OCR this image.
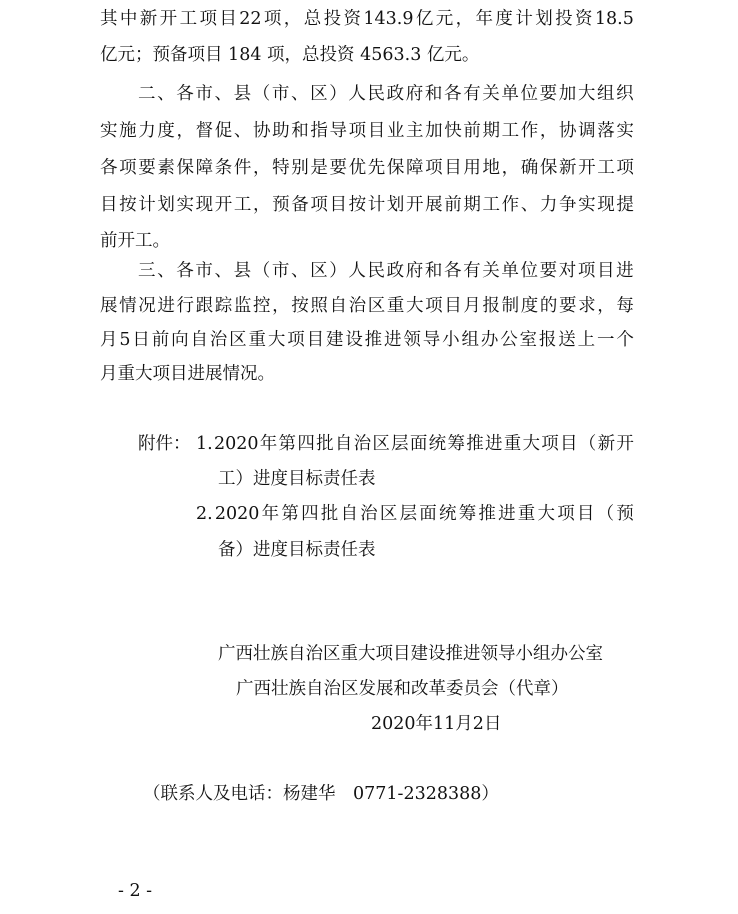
其 中 新 开 工 项 目 22 项 ， 总 投 资 143.9 亿 元 ， 年 度 计 划 投 资 18.5
亿元；预备项目 184 项，总投资 4563.3 亿元。
二 、 各 市 、 县 （ 市 、 区 ） 人 民 政 府 和 各 有 关 单 位 要 加 大 组 织
实 施 力 度 ， 督 促 、 协 助 和 指 导 项 目 业 主 加 快 前 期 工 作 ， 协 调 落 实
各 项 要 素 保 障 条 件 ， 特 别 是 要 优 先 保 障 项 目 用 地 ， 确 保 新 开 工 项
目 按 计 划 实 现 开 工 ， 预 备 项 目 按 计 划 开 展 前 期 工 作 、 力 争 实 现 提
前开工。
三 、 各 市 、 县 （ 市 、 区 ） 人 民 政 府 和 各 有 关 单 位 要 对 项 目 进
展 情 况 进 行 跟 踪 监 控 ， 按 照 自 治 区 重 大 项 目 月 报 制 度 的 要 求 ， 每
月 5 日 前 向 自 治 区 重 大 项 目 建 设 推 进 领 导 小 组 办 公 室 报 送 上 一 个
月重大项目进展情况。
附件： 1. 2020 年 第 四 批 自 治 区 层 面 统 筹 推 进 重 大 项 目 （ 新 开
工）进度目标责任表
2. 2020 年 第 四 批 自 治 区 层 面 统 筹 推 进 重 大 项 目 （ 预
备）进度目标责任表
广西壮族自治区重大项目建设推进领导小组办公室
广西壮族自治区发展和改革委员会（代章）
2020年11月2日
（联系人及电话：杨建华　0771-2328388）
- 2 -
